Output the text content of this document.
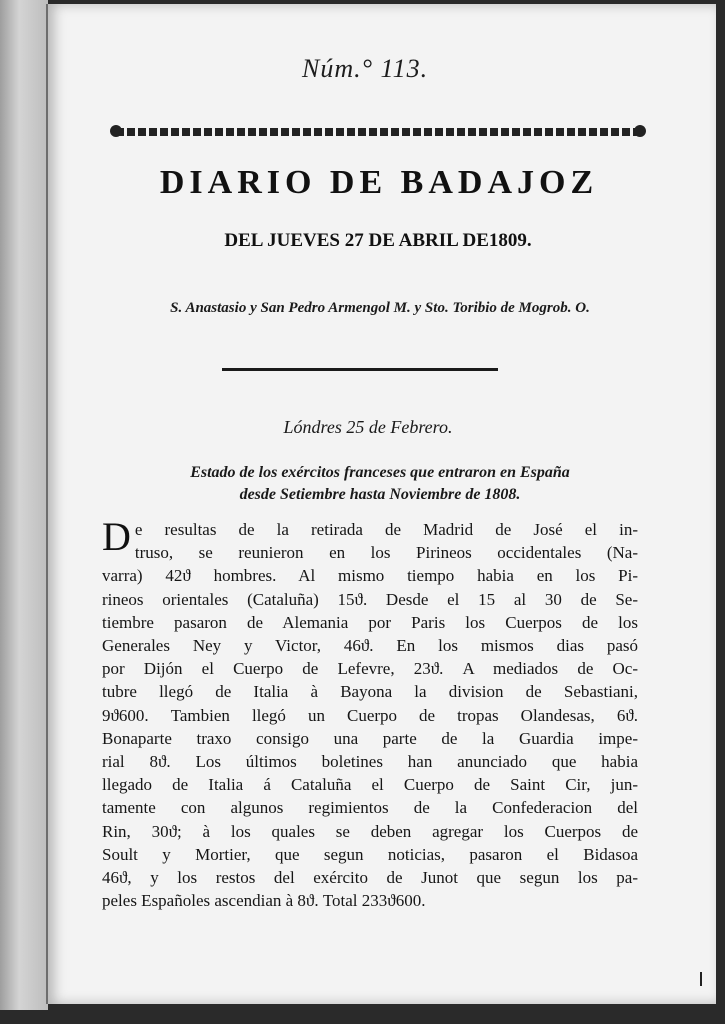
Núm.° 113.
DIARIO DE BADAJOZ
DEL JUEVES 27 DE ABRIL DE1809.
S. Anastasio y San Pedro Armengol M. y Sto. Toribio de Mogrob. O.
Lóndres 25 de Febrero.
Estado de los exércitos franceses que entraron en España
desde Setiembre hasta Noviembre de 1808.
D e resultas de la retirada de Madrid de José el in-
truso, se reunieron en los Pirineos occidentales (Na-
varra) 42ϑ hombres. Al mismo tiempo habia en los Pi-
rineos orientales (Cataluña) 15ϑ. Desde el 15 al 30 de Se-
tiembre pasaron de Alemania por Paris los Cuerpos de los
Generales Ney y Victor, 46ϑ. En los mismos dias pasó
por Dijón el Cuerpo de Lefevre, 23ϑ. A mediados de Oc-
tubre llegó de Italia à Bayona la division de Sebastiani,
9ϑ600. Tambien llegó un Cuerpo de tropas Olandesas, 6ϑ.
Bonaparte traxo consigo una parte de la Guardia impe-
rial 8ϑ. Los últimos boletines han anunciado que habia
llegado de Italia á Cataluña el Cuerpo de Saint Cir, jun-
tamente con algunos regimientos de la Confederacion del
Rin, 30ϑ; à los quales se deben agregar los Cuerpos de
Soult y Mortier, que segun noticias, pasaron el Bidasoa
46ϑ, y los restos del exército de Junot que segun los pa-
peles Españoles ascendian à 8ϑ. Total 233ϑ600.
